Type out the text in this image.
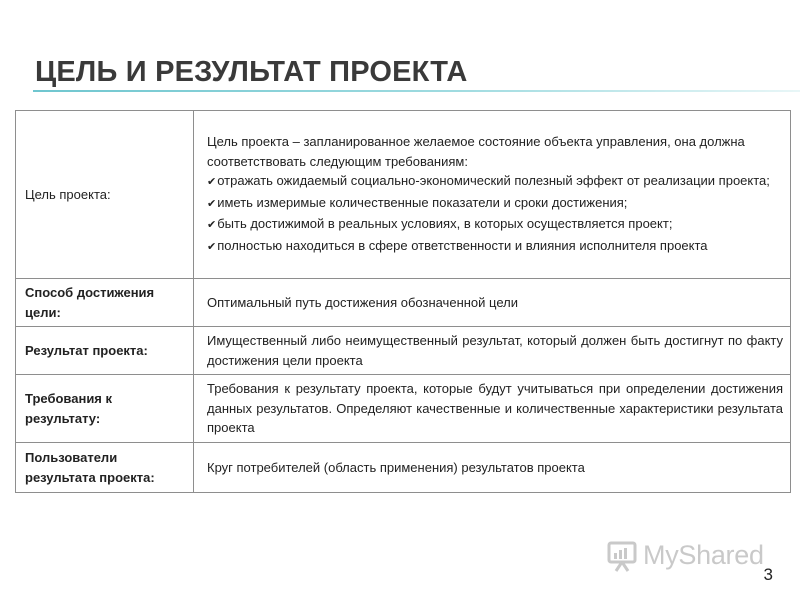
ЦЕЛЬ И РЕЗУЛЬТАТ ПРОЕКТА
Цель проекта:	Цель проекта – запланированное желаемое состояние объекта управления, она должна соответствовать следующим требованиям:
✔отражать ожидаемый социально-экономический полезный эффект от реализации проекта;
✔иметь измеримые количественные показатели и сроки достижения;
✔быть достижимой в реальных условиях, в которых осуществляется проект;
✔полностью находиться в сфере ответственности и влияния исполнителя проекта

Способ достижения цели:	Оптимальный путь достижения обозначенной цели
Результат проекта:	Имущественный либо неимущественный результат, который должен быть достигнут по факту достижения цели проекта
Требования к результату:	Требования к результату проекта, которые будут учитываться при определении достижения данных результатов. Определяют качественные и количественные характеристики результата проекта
Пользователи результата проекта:	Круг потребителей (область применения) результатов проекта
MyShared
3
